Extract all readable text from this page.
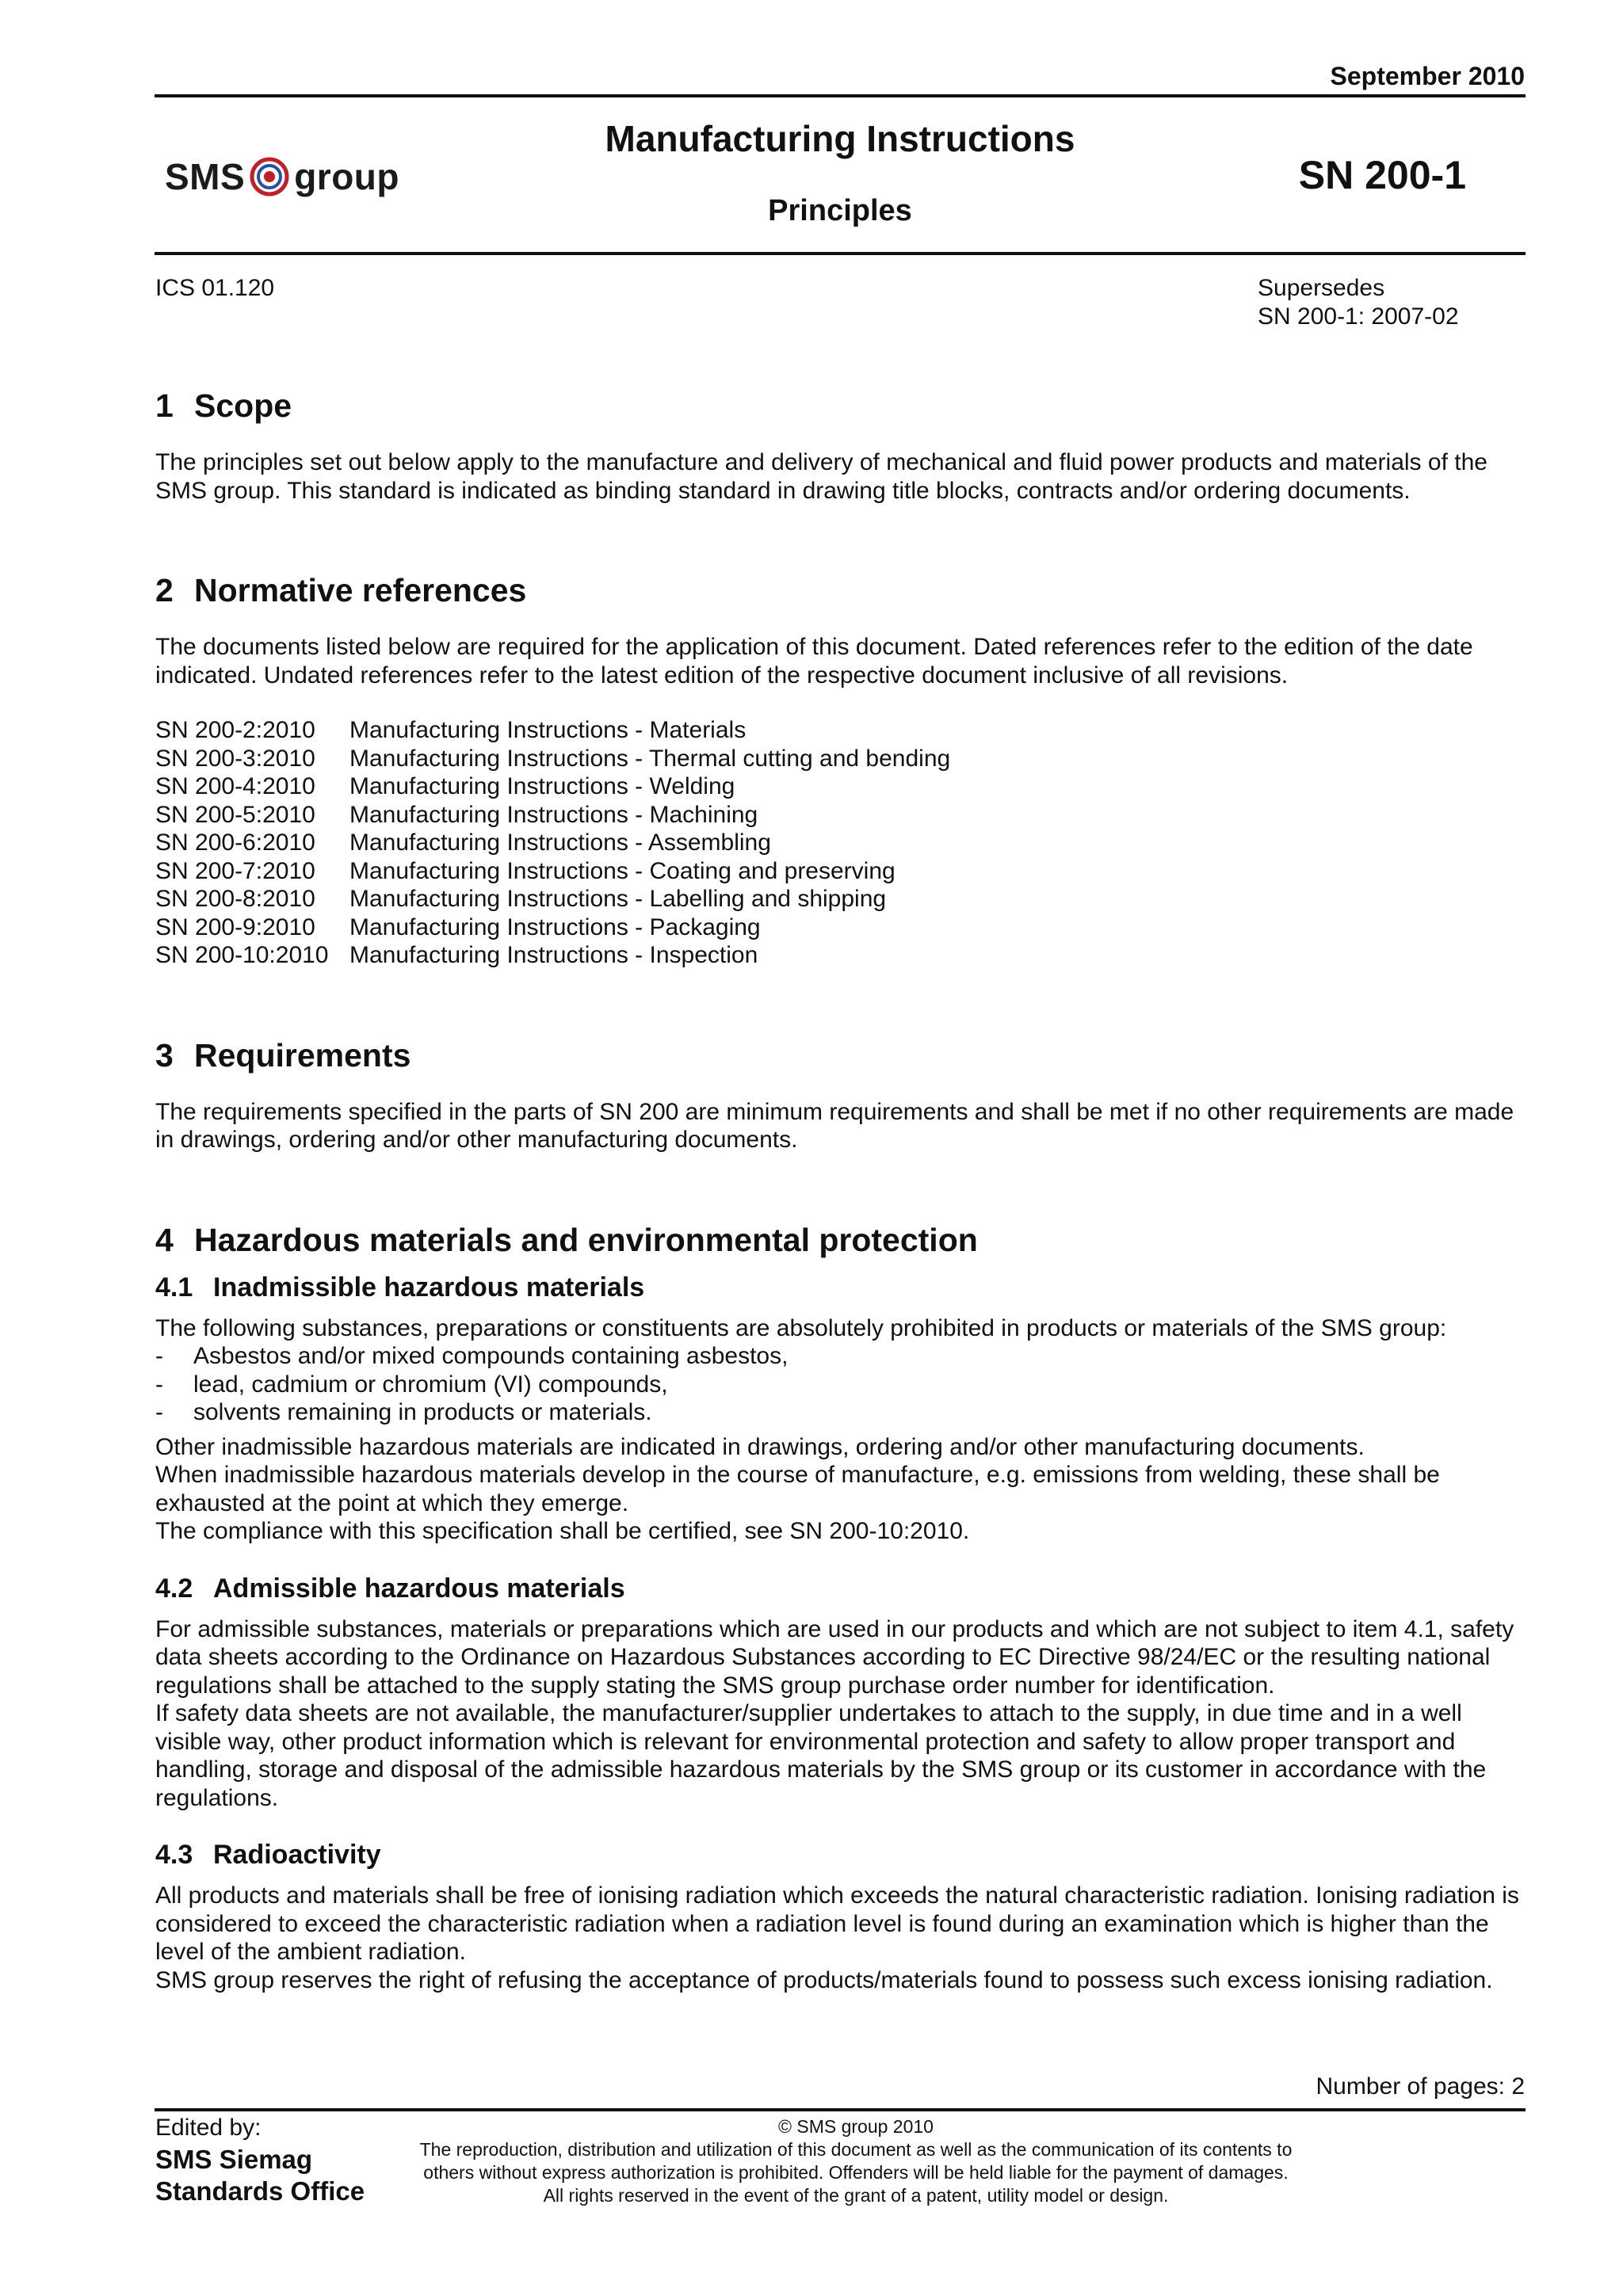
September 2010
SMS group
Manufacturing Instructions
Principles
SN 200-1
ICS 01.120	Supersedes
SN 200-1: 2007-02
1 Scope

The principles set out below apply to the manufacture and delivery of mechanical and fluid power products and materials of the SMS group. This standard is indicated as binding standard in drawing title blocks, contracts and/or ordering documents.

2 Normative references

The documents listed below are required for the application of this document. Dated references refer to the edition of the date indicated. Undated references refer to the latest edition of the respective document inclusive of all revisions.

SN 200-2:2010	Manufacturing Instructions - Materials
SN 200-3:2010	Manufacturing Instructions - Thermal cutting and bending
SN 200-4:2010	Manufacturing Instructions - Welding
SN 200-5:2010	Manufacturing Instructions - Machining
SN 200-6:2010	Manufacturing Instructions - Assembling
SN 200-7:2010	Manufacturing Instructions - Coating and preserving
SN 200-8:2010	Manufacturing Instructions - Labelling and shipping
SN 200-9:2010	Manufacturing Instructions - Packaging
SN 200-10:2010 Manufacturing Instructions - Inspection
3 Requirements

The requirements specified in the parts of SN 200 are minimum requirements and shall be met if no other requirements are made in drawings, ordering and/or other manufacturing documents.

4 Hazardous materials and environmental protection
4.1 Inadmissible hazardous materials

The following substances, preparations or constituents are absolutely prohibited in products or materials of the SMS group:

-	Asbestos and/or mixed compounds containing asbestos,
-	lead, cadmium or chromium (VI) compounds,
-	solvents remaining in products or materials.

Other inadmissible hazardous materials are indicated in drawings, ordering and/or other manufacturing documents.

When inadmissible hazardous materials develop in the course of manufacture, e.g. emissions from welding, these shall be exhausted at the point at which they emerge.

The compliance with this specification shall be certified, see SN 200-10:2010.

4.2 Admissible hazardous materials

For admissible substances, materials or preparations which are used in our products and which are not subject to item 4.1, safety data sheets according to the Ordinance on Hazardous Substances according to EC Directive 98/24/EC or the resulting national regulations shall be attached to the supply stating the SMS group purchase order number for identification.

If safety data sheets are not available, the manufacturer/supplier undertakes to attach to the supply, in due time and in a well visible way, other product information which is relevant for environmental protection and safety to allow proper transport and handling, storage and disposal of the admissible hazardous materials by the SMS group or its customer in accordance with the regulations.

4.3 Radioactivity

All products and materials shall be free of ionising radiation which exceeds the natural characteristic radiation. Ionising radiation is considered to exceed the characteristic radiation when a radiation level is found during an examination which is higher than the level of the ambient radiation.

SMS group reserves the right of refusing the acceptance of products/materials found to possess such excess ionising radiation.

Number of pages: 2
Edited by:
SMS Siemag
Standards Office
© SMS group 2010
The reproduction, distribution and utilization of this document as well as the communication of its contents to
others without express authorization is prohibited. Offenders will be held liable for the payment of damages.
All rights reserved in the event of the grant of a patent, utility model or design.
